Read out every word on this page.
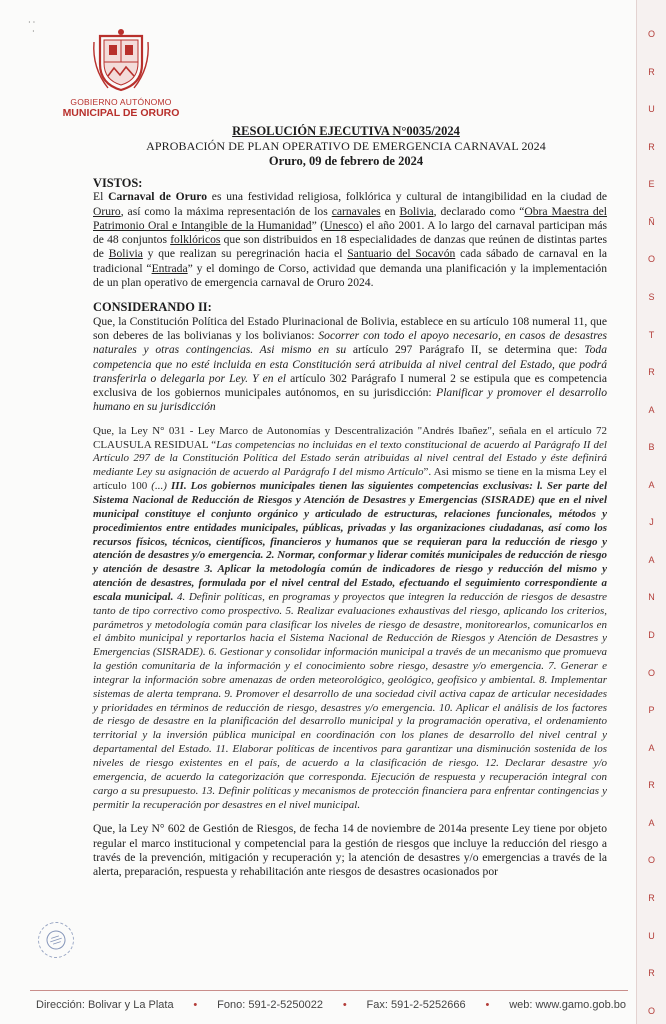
· ·
·
GOBIERNO AUTÓNOMO
MUNICIPAL DE ORURO
O
R
U
R
E
Ñ
O
S
T
R
A
B
A
J
A
N
D
O
P
A
R
A
O
R
U
R
O
RESOLUCIÓN EJECUTIVA N°0035/2024
APROBACIÓN DE PLAN OPERATIVO DE EMERGENCIA CARNAVAL 2024
Oruro, 09 de febrero de 2024

VISTOS:

El Carnaval de Oruro es una festividad religiosa, folklórica y cultural de intangibilidad en la ciudad de Oruro, así como la máxima representación de los carnavales en Bolivia, declarado como “Obra Maestra del Patrimonio Oral e Intangible de la Humanidad” (Unesco) el año 2001. A lo largo del carnaval participan más de 48 conjuntos folklóricos que son distribuidos en 18 especialidades de danzas que reúnen de distintas partes de Bolivia y que realizan su peregrinación hacia el Santuario del Socavón cada sábado de carnaval en la tradicional “Entrada” y el domingo de Corso, actividad que demanda una planificación y la implementación de un plan operativo de emergencia carnaval de Oruro 2024.

CONSIDERANDO II:

Que, la Constitución Política del Estado Plurinacional de Bolivia, establece en su artículo 108 numeral 11, que son deberes de las bolivianas y los bolivianos: Socorrer con todo el apoyo necesario, en casos de desastres naturales y otras contingencias. Asi mismo en su artículo 297 Parágrafo II, se determina que: Toda competencia que no esté incluida en esta Constitución será atribuida al nivel central del Estado, que podrá transferirla o delegarla por Ley. Y en el artículo 302 Parágrafo I numeral 2 se estipula que es competencia exclusiva de los gobiernos municipales autónomos, en su jurisdicción: Planificar y promover el desarrollo humano en su jurisdicción

Que, la Ley N° 031 - Ley Marco de Autonomías y Descentralización "Andrés Ibañez", señala en el artículo 72 CLAUSULA RESIDUAL “Las competencias no incluidas en el texto constitucional de acuerdo al Parágrafo II del Artículo 297 de la Constitución Política del Estado serán atribuidas al nivel central del Estado y éste definirá mediante Ley su asignación de acuerdo al Parágrafo I del mismo Artículo”. Asi mismo se tiene en la misma Ley el artículo 100 (...) III. Los gobiernos municipales tienen las siguientes competencias exclusivas: l. Ser parte del Sistema Nacional de Reducción de Riesgos y Atención de Desastres y Emergencias (SISRADE) que en el nivel municipal constituye el conjunto orgánico y articulado de estructuras, relaciones funcionales, métodos y procedimientos entre entidades municipales, públicas, privadas y las organizaciones ciudadanas, así como los recursos físicos, técnicos, científicos, financieros y humanos que se requieran para la reducción de riesgo y atención de desastres y/o emergencia. 2. Normar, conformar y liderar comités municipales de reducción de riesgo y atención de desastre 3. Aplicar la metodología común de indicadores de riesgo y reducción del mismo y atención de desastres, formulada por el nivel central del Estado, efectuando el seguimiento correspondiente a escala municipal. 4. Definir políticas, en programas y proyectos que integren la reducción de riesgos de desastre tanto de tipo correctivo como prospectivo. 5. Realizar evaluaciones exhaustivas del riesgo, aplicando los criterios, parámetros y metodología común para clasificar los niveles de riesgo de desastre, monitorearlos, comunicarlos en el ámbito municipal y reportarlos hacia el Sistema Nacional de Reducción de Riesgos y Atención de Desastres y Emergencias (SISRADE). 6. Gestionar y consolidar información municipal a través de un mecanismo que promueva la gestión comunitaria de la información y el conocimiento sobre riesgo, desastre y/o emergencia. 7. Generar e integrar la información sobre amenazas de orden meteorológico, geológico, geofísico y ambiental. 8. Implementar sistemas de alerta temprana. 9. Promover el desarrollo de una sociedad civil activa capaz de articular necesidades y prioridades en términos de reducción de riesgo, desastres y/o emergencia. 10. Aplicar el análisis de los factores de riesgo de desastre en la planificación del desarrollo municipal y la programación operativa, el ordenamiento territorial y la inversión pública municipal en coordinación con los planes de desarrollo del nivel central y departamental del Estado. 11. Elaborar políticas de incentivos para garantizar una disminución sostenida de los niveles de riesgo existentes en el país, de acuerdo a la clasificación de riesgo. 12. Declarar desastre y/o emergencia, de acuerdo la categorización que corresponda. Ejecución de respuesta y recuperación integral con cargo a su presupuesto. 13. Definir políticas y mecanismos de protección financiera para enfrentar contingencias y permitir la recuperación por desastres en el nivel municipal.

Que, la Ley N° 602 de Gestión de Riesgos, de fecha 14 de noviembre de 2014a presente Ley tiene por objeto regular el marco institucional y competencial para la gestión de riesgos que incluye la reducción del riesgo a través de la prevención, mitigación y recuperación y; la atención de desastres y/o emergencias a través de la alerta, preparación, respuesta y rehabilitación ante riesgos de desastres ocasionados por

Dirección: Bolivar y La Plata • Fono: 591-2-5250022 • Fax: 591-2-5252666 • web: www.gamo.gob.bo
